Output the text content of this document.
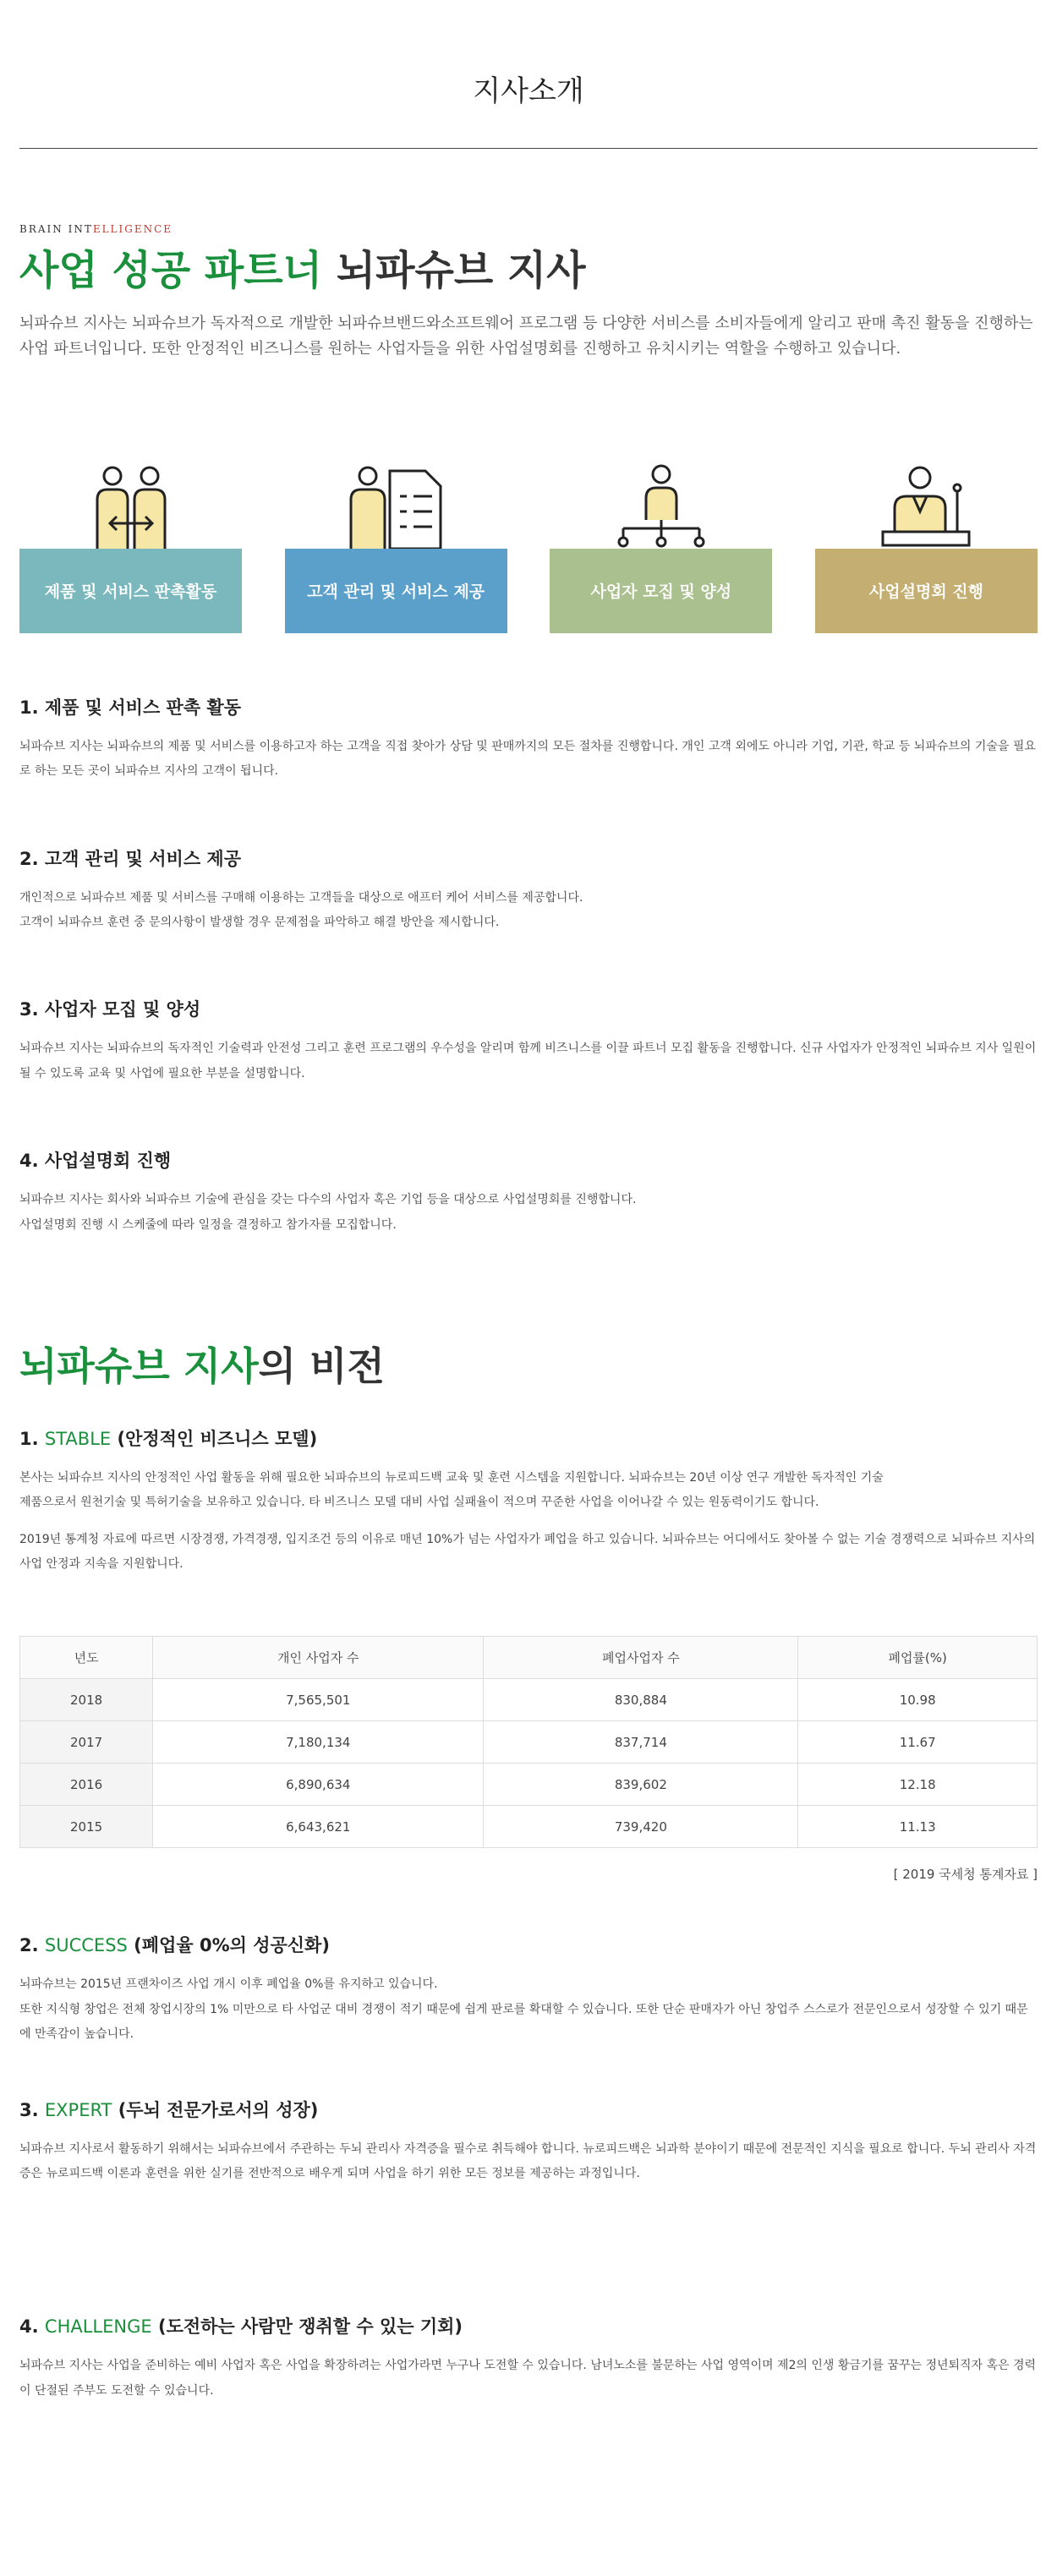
지사소개
BRAIN INTELLIGENCE
사업 성공 파트너 뇌파슈브 지사

뇌파슈브 지사는 뇌파슈브가 독자적으로 개발한 뇌파슈브밴드와소프트웨어 프로그램 등 다양한 서비스를 소비자들에게 알리고 판매 촉진 활동을 진행하는 사업 파트너입니다. 또한 안정적인 비즈니스를 원하는 사업자들을 위한 사업설명회를 진행하고 유치시키는 역할을 수행하고 있습니다.

제품 및 서비스 판촉활동	고객 관리 및 서비스 제공	사업자 모집 및 양성	사업설명회 진행
1. 제품 및 서비스 판촉 활동

뇌파슈브 지사는 뇌파슈브의 제품 및 서비스를 이용하고자 하는 고객을 직접 찾아가 상담 및 판매까지의 모든 절차를 진행합니다. 개인 고객 외에도 아니라 기업, 기관, 학교 등 뇌파슈브의 기술을 필요로 하는 모든 곳이 뇌파슈브 지사의 고객이 됩니다.

2. 고객 관리 및 서비스 제공

개인적으로 뇌파슈브 제품 및 서비스를 구매해 이용하는 고객들을 대상으로 애프터 케어 서비스를 제공합니다.
고객이 뇌파슈브 훈련 중 문의사항이 발생할 경우 문제점을 파악하고 해결 방안을 제시합니다.

3. 사업자 모집 및 양성

뇌파슈브 지사는 뇌파슈브의 독자적인 기술력과 안전성 그리고 훈련 프로그램의 우수성을 알리며 함께 비즈니스를 이끌 파트너 모집 활동을 진행합니다. 신규 사업자가 안정적인 뇌파슈브 지사 일원이 될 수 있도록 교육 및 사업에 필요한 부분을 설명합니다.

4. 사업설명회 진행

뇌파슈브 지사는 회사와 뇌파슈브 기술에 관심을 갖는 다수의 사업자 혹은 기업 등을 대상으로 사업설명회를 진행합니다.
사업설명회 진행 시 스케줄에 따라 일정을 결정하고 참가자를 모집합니다.

뇌파슈브 지사의 비전
1. STABLE (안정적인 비즈니스 모델)

본사는 뇌파슈브 지사의 안정적인 사업 활동을 위해 필요한 뇌파슈브의 뉴로피드백 교육 및 훈련 시스템을 지원합니다. 뇌파슈브는 20년 이상 연구 개발한 독자적인 기술
제품으로서 원천기술 및 특허기술을 보유하고 있습니다. 타 비즈니스 모델 대비 사업 실패율이 적으며 꾸준한 사업을 이어나갈 수 있는 원동력이기도 합니다.

2019년 통계청 자료에 따르면 시장경쟁, 가격경쟁, 입지조건 등의 이유로 매년 10%가 넘는 사업자가 폐업을 하고 있습니다. 뇌파슈브는 어디에서도 찾아볼 수 없는 기술 경쟁력으로 뇌파슈브 지사의 사업 안정과 지속을 지원합니다.

년도	개인 사업자 수	폐업사업자 수	폐업률(%)
2018	7,565,501	830,884	10.98
2017	7,180,134	837,714	11.67
2016	6,890,634	839,602	12.18
2015	6,643,621	739,420	11.13
[ 2019 국세청 통계자료 ]
2. SUCCESS (폐업율 0%의 성공신화)

뇌파슈브는 2015년 프랜차이즈 사업 개시 이후 폐업율 0%를 유지하고 있습니다.
또한 지식형 창업은 전체 창업시장의 1% 미만으로 타 사업군 대비 경쟁이 적기 때문에 쉽게 판로를 확대할 수 있습니다. 또한 단순 판매자가 아닌 창업주 스스로가 전문인으로서 성장할 수 있기 때문에 만족감이 높습니다.

3. EXPERT (두뇌 전문가로서의 성장)

뇌파슈브 지사로서 활동하기 위해서는 뇌파슈브에서 주관하는 두뇌 관리사 자격증을 필수로 취득해야 합니다. 뉴로피드백은 뇌과학 분야이기 때문에 전문적인 지식을 필요로 합니다. 두뇌 관리사 자격증은 뉴로피드백 이론과 훈련을 위한 실기를 전반적으로 배우게 되며 사업을 하기 위한 모든 정보를 제공하는 과정입니다.

4. CHALLENGE (도전하는 사람만 쟁취할 수 있는 기회)

뇌파슈브 지사는 사업을 준비하는 예비 사업자 혹은 사업을 확장하려는 사업가라면 누구나 도전할 수 있습니다. 남녀노소를 불문하는 사업 영역이며 제2의 인생 황금기를 꿈꾸는 정년퇴직자 혹은 경력이 단절된 주부도 도전할 수 있습니다.
